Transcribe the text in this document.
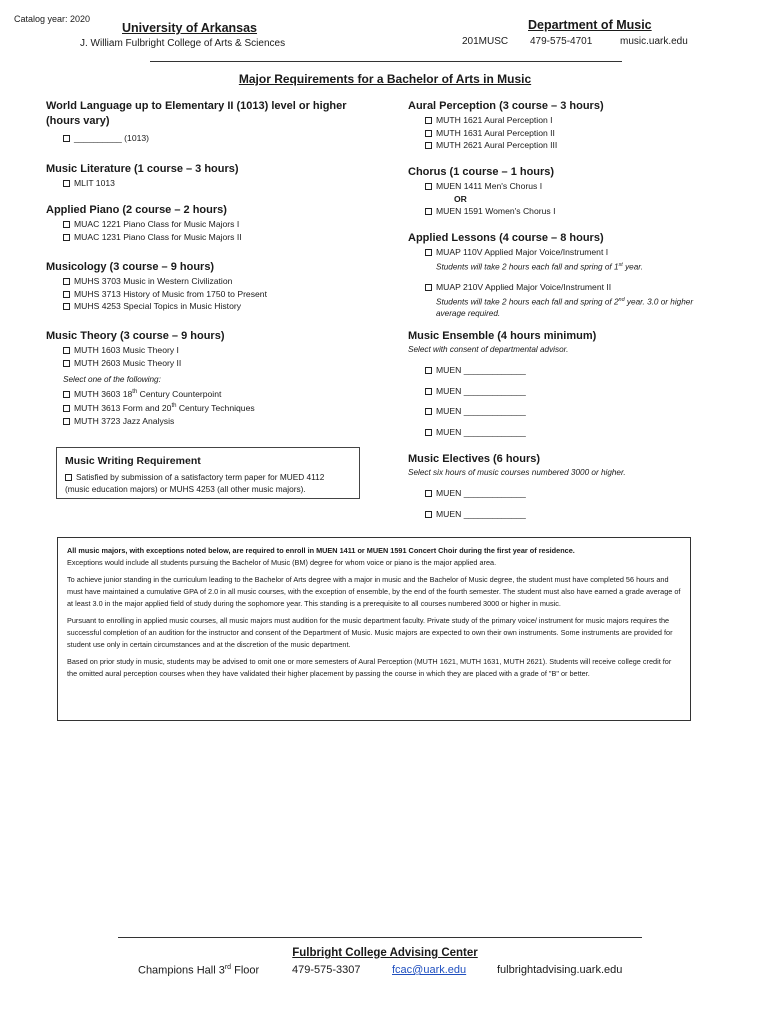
Catalog year: 2020
University of Arkansas
J. William Fulbright College of Arts & Sciences
Department of Music
201MUSC 479-575-4701	music.uark.edu
Major Requirements for a Bachelor of Arts in Music
World Language up to Elementary II (1013) level or higher
(hours vary)
__________ (1013)
Music Literature (1 course – 3 hours)
MLIT 1013
Applied Piano (2 course – 2 hours)
MUAC 1221 Piano Class for Music Majors I
MUAC 1231 Piano Class for Music Majors II
Musicology (3 course – 9 hours)
MUHS 3703 Music in Western Civilization
MUHS 3713 History of Music from 1750 to Present
MUHS 4253 Special Topics in Music History
Music Theory (3 course – 9 hours)
MUTH 1603 Music Theory I
MUTH 2603 Music Theory II
Select one of the following:
MUTH 3603 18th Century Counterpoint
MUTH 3613 Form and 20th Century Techniques
MUTH 3723 Jazz Analysis
Music Writing Requirement
Satisfied by submission of a satisfactory term paper for MUED 4112
(music education majors) or MUHS 4253 (all other music majors).
Aural Perception (3 course – 3 hours)
MUTH 1621 Aural Perception I
MUTH 1631 Aural Perception II
MUTH 2621 Aural Perception III
Chorus (1 course – 1 hours)
MUEN 1411 Men's Chorus I
OR
MUEN 1591 Women's Chorus I
Applied Lessons (4 course – 8 hours)
MUAP 110V Applied Major Voice/Instrument I
Students will take 2 hours each fall and spring of 1st year.
MUAP 210V Applied Major Voice/Instrument II
Students will take 2 hours each fall and spring of 2nd year. 3.0 or higher
average required.
Music Ensemble (4 hours minimum)
Select with consent of departmental advisor.
MUEN _____________
MUEN _____________
MUEN _____________
MUEN _____________
Music Electives (6 hours)
Select six hours of music courses numbered 3000 or higher.
MUEN _____________
MUEN _____________

All music majors, with exceptions noted below, are required to enroll in MUEN 1411 or MUEN 1591 Concert Choir during the first year of residence.

Exceptions would include all students pursuing the Bachelor of Music (BM) degree for whom voice or piano is the major applied area.

To achieve junior standing in the curriculum leading to the Bachelor of Arts degree with a major in music and the Bachelor of Music degree, the student must have completed 56 hours and must have maintained a cumulative GPA of 2.0 in all music courses, with the exception of ensemble, by the end of the fourth semester. The student must also have earned a grade average of at least 3.0 in the major applied field of study during the sophomore year. This standing is a prerequisite to all courses numbered 3000 or higher in music.

Pursuant to enrolling in applied music courses, all music majors must audition for the music department faculty. Private study of the primary voice/ instrument for music majors requires the successful completion of an audition for the instructor and consent of the Department of Music. Music majors are expected to own their own instruments. Some instruments are provided for student use only in certain circumstances and at the discretion of the music department.

Based on prior study in music, students may be advised to omit one or more semesters of Aural Perception (MUTH 1621, MUTH 1631, MUTH 2621). Students will receive college credit for the omitted aural perception courses when they have validated their higher placement by passing the course in which they are placed with a grade of "B" or better.

Fulbright College Advising Center
Champions Hall 3rd Floor	479-575-3307	fcac@uark.edu	fulbrightadvising.uark.edu
